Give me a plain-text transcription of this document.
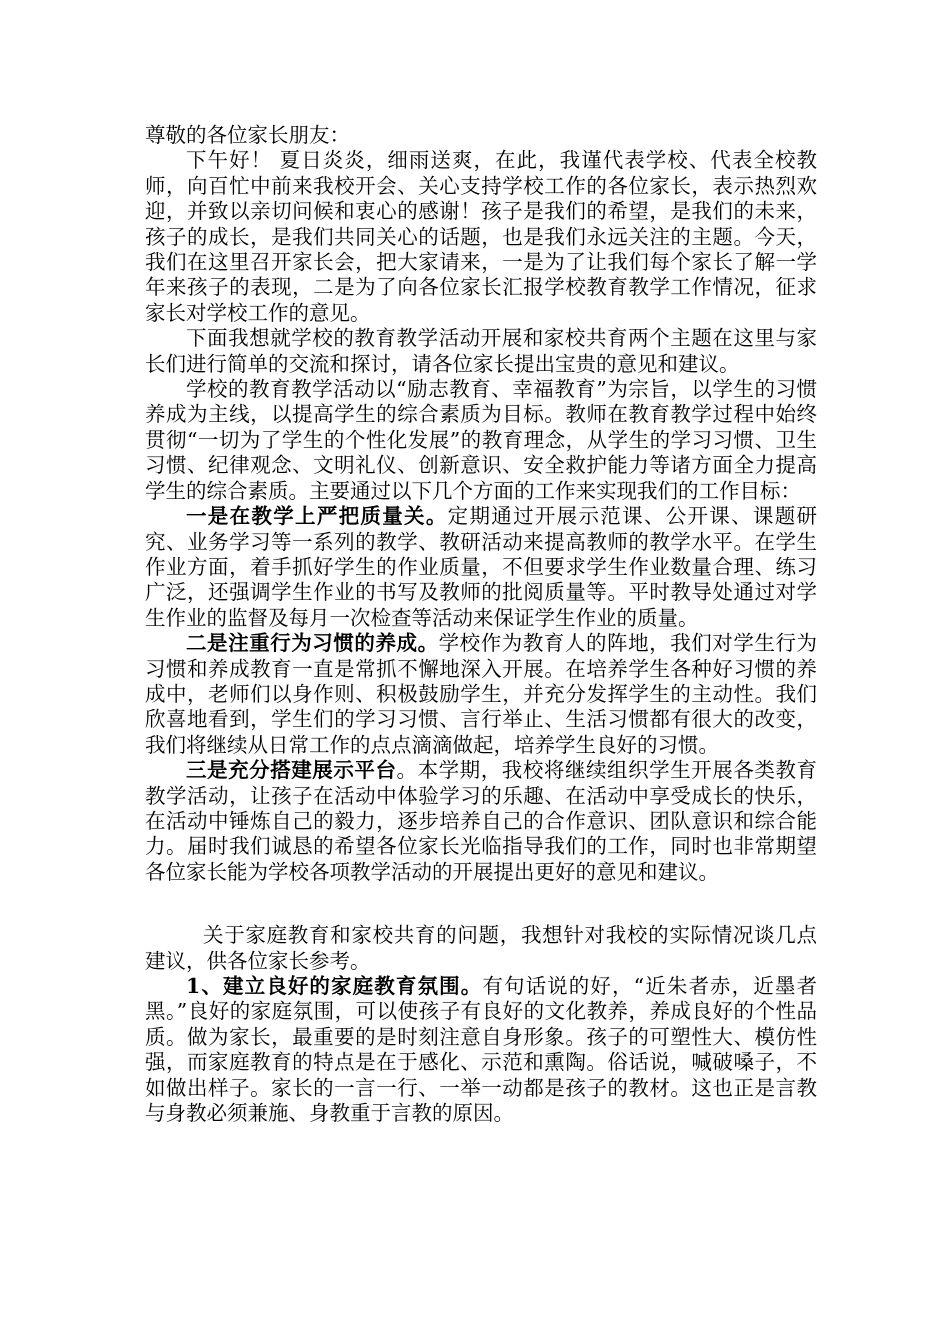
尊敬的各位家长朋友：

下午好！ 夏日炎炎，细雨送爽，在此，我谨代表学校、代表全校教师，向百忙中前来我校开会、关心支持学校工作的各位家长，表示热烈欢迎，并致以亲切问候和衷心的感谢！孩子是我们的希望，是我们的未来，孩子的成长，是我们共同关心的话题，也是我们永远关注的主题。今天，我们在这里召开家长会，把大家请来，一是为了让我们每个家长了解一学年来孩子的表现，二是为了向各位家长汇报学校教育教学工作情况，征求家长对学校工作的意见。

下面我想就学校的教育教学活动开展和家校共育两个主题在这里与家长们进行简单的交流和探讨，请各位家长提出宝贵的意见和建议。

学校的教育教学活动以“励志教育、幸福教育”为宗旨，以学生的习惯养成为主线，以提高学生的综合素质为目标。教师在教育教学过程中始终贯彻“一切为了学生的个性化发展”的教育理念，从学生的学习习惯、卫生习惯、纪律观念、文明礼仪、创新意识、安全救护能力等诸方面全力提高学生的综合素质。主要通过以下几个方面的工作来实现我们的工作目标：

一是在教学上严把质量关。定期通过开展示范课、公开课、课题研究、业务学习等一系列的教学、教研活动来提高教师的教学水平。在学生作业方面，着手抓好学生的作业质量，不但要求学生作业数量合理、练习广泛，还强调学生作业的书写及教师的批阅质量等。平时教导处通过对学生作业的监督及每月一次检查等活动来保证学生作业的质量。

二是注重行为习惯的养成。学校作为教育人的阵地，我们对学生行为习惯和养成教育一直是常抓不懈地深入开展。在培养学生各种好习惯的养成中，老师们以身作则、积极鼓励学生，并充分发挥学生的主动性。我们欣喜地看到，学生们的学习习惯、言行举止、生活习惯都有很大的改变，我们将继续从日常工作的点点滴滴做起，培养学生良好的习惯。

三是充分搭建展示平台。本学期，我校将继续组织学生开展各类教育教学活动，让孩子在活动中体验学习的乐趣、在活动中享受成长的快乐，在活动中锤炼自己的毅力，逐步培养自己的合作意识、团队意识和综合能力。届时我们诚恳的希望各位家长光临指导我们的工作，同时也非常期望各位家长能为学校各项教学活动的开展提出更好的意见和建议。

关于家庭教育和家校共育的问题，我想针对我校的实际情况谈几点建议，供各位家长参考。

1、建立良好的家庭教育氛围。有句话说的好，“近朱者赤，近墨者黑。”良好的家庭氛围，可以使孩子有良好的文化教养，养成良好的个性品质。做为家长，最重要的是时刻注意自身形象。孩子的可塑性大、模仿性强，而家庭教育的特点是在于感化、示范和熏陶。俗话说，喊破嗓子，不如做出样子。家长的一言一行、一举一动都是孩子的教材。这也正是言教与身教必须兼施、身教重于言教的原因。
